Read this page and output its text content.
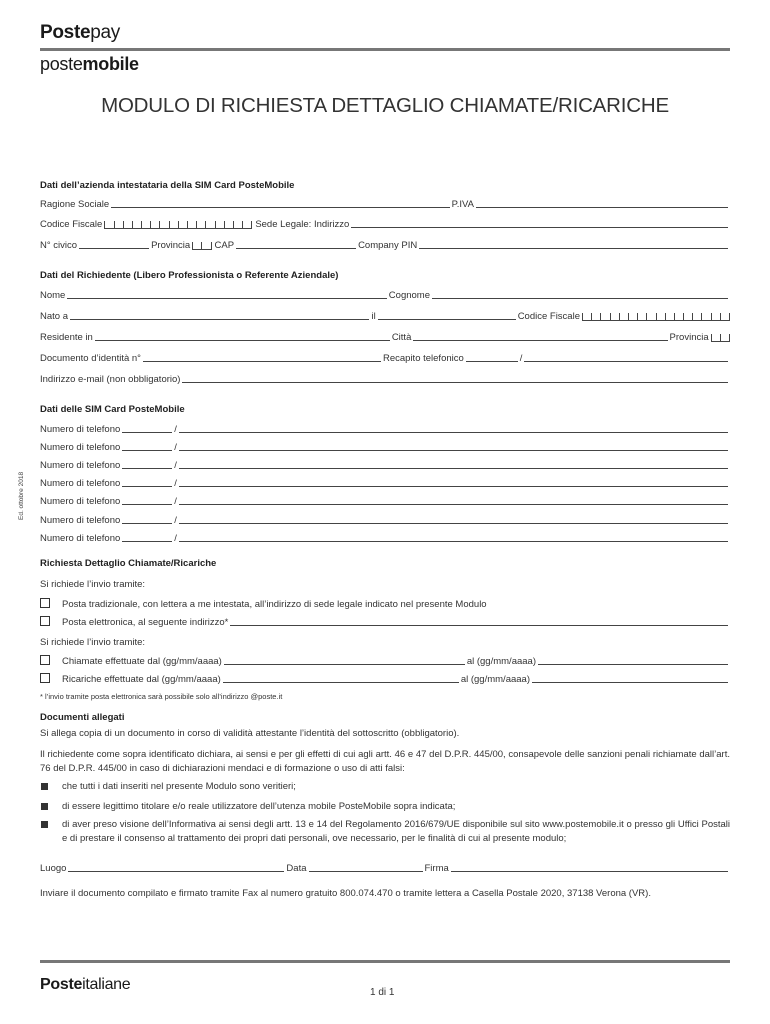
Postepay
postemobile
MODULO DI RICHIESTA DETTAGLIO CHIAMATE/RICARICHE
Ed. ottobre 2018
Dati dell’azienda intestataria della SIM Card PosteMobile
Ragione Sociale	P.IVA
Codice Fiscale	Sede Legale: Indirizzo
N° civico	Provincia	CAP	Company PIN
Dati del Richiedente (Libero Professionista o Referente Aziendale)
Nome	Cognome
Nato a	il	Codice Fiscale
Residente in	Città	Provincia
Documento d’identità n°	Recapito telefonico	/
Indirizzo e-mail (non obbligatorio)
Dati delle SIM Card PosteMobile
Numero di telefono	/
Numero di telefono	/
Numero di telefono	/
Numero di telefono	/
Numero di telefono	/
Numero di telefono	/
Numero di telefono	/
Richiesta Dettaglio Chiamate/Ricariche
Si richiede l’invio tramite:
Posta tradizionale, con lettera a me intestata, all’indirizzo di sede legale indicato nel presente Modulo
Posta elettronica, al seguente indirizzo*
Si richiede l’invio tramite:
Chiamate effettuate dal (gg/mm/aaaa)	al (gg/mm/aaaa)
Ricariche effettuate dal (gg/mm/aaaa)	al (gg/mm/aaaa)
* l’invio tramite posta elettronica sarà possibile solo all’indirizzo @poste.it
Documenti allegati
Si allega copia di un documento in corso di validità attestante l’identità del sottoscritto (obbligatorio).
Il richiedente come sopra identificato dichiara, ai sensi e per gli effetti di cui agli artt. 46 e 47 del D.P.R. 445/00, consapevole delle sanzioni penali richiamate dall’art. 76 del D.P.R. 445/00 in caso di dichiarazioni mendaci e di formazione o uso di atti falsi:
che tutti i dati inseriti nel presente Modulo sono veritieri;
di essere legittimo titolare e/o reale utilizzatore dell’utenza mobile PosteMobile sopra indicata;
di aver preso visione dell’Informativa ai sensi degli artt. 13 e 14 del Regolamento 2016/679/UE disponibile sul sito www.postemobile.it o presso gli Uffici Postali e di prestare il consenso al trattamento dei propri dati personali, ove necessario, per le finalità di cui al presente modulo;
Luogo	Data	Firma
Inviare il documento compilato e firmato tramite Fax al numero gratuito 800.074.470 o tramite lettera a Casella Postale 2020, 37138 Verona (VR).
Posteitaliane	1 di 1
